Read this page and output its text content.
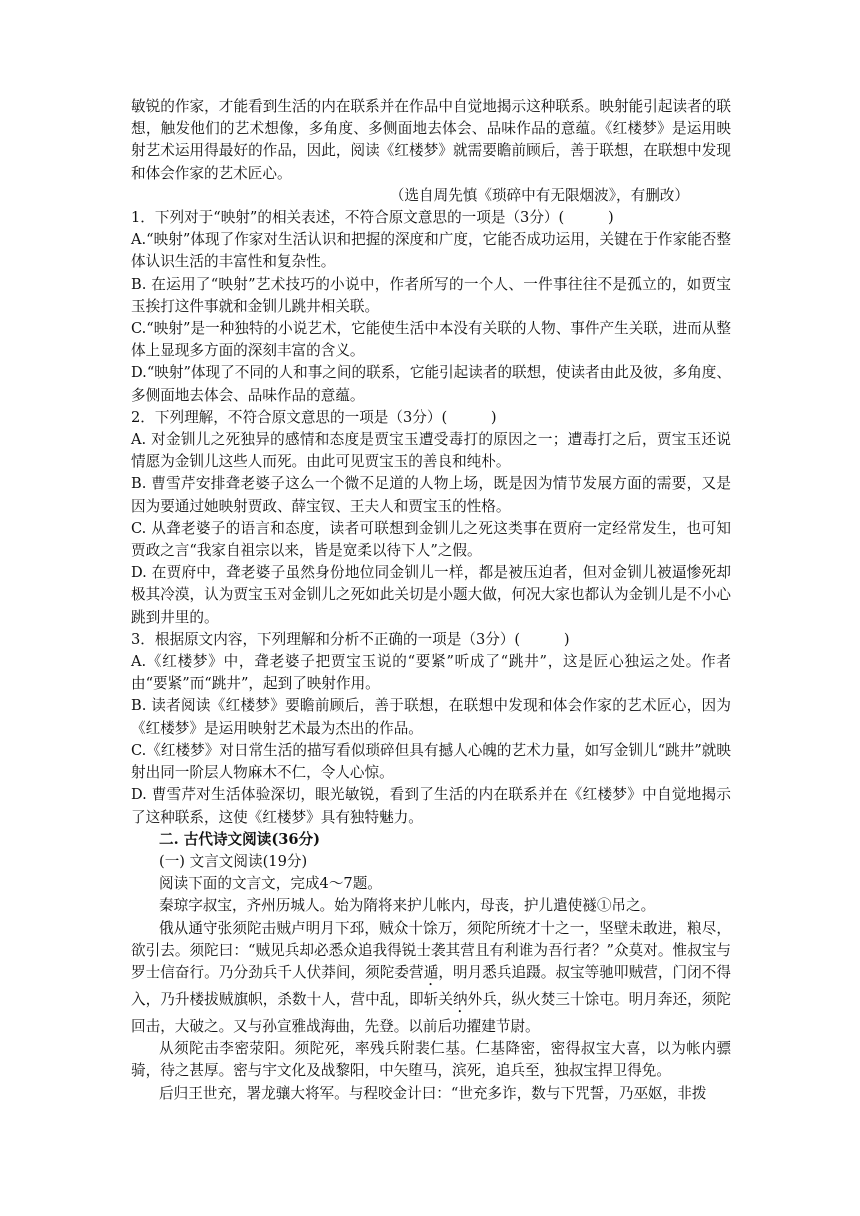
敏锐的作家，才能看到生活的内在联系并在作品中自觉地揭示这种联系。映射能引起读者的联想，触发他们的艺术想像，多角度、多侧面地去体会、品味作品的意蕴。《红楼梦》是运用映射艺术运用得最好的作品，因此，阅读《红楼梦》就需要瞻前顾后，善于联想，在联想中发现和体会作家的艺术匠心。

（选自周先慎《琐碎中有无限烟波》，有删改）

1．下列对于“映射”的相关表述，不符合原文意思的一项是（3分）(　　　)

A.“映射”体现了作家对生活认识和把握的深度和广度，它能否成功运用，关键在于作家能否整体认识生活的丰富性和复杂性。

B. 在运用了“映射”艺术技巧的小说中，作者所写的一个人、一件事往往不是孤立的，如贾宝玉挨打这件事就和金钏儿跳井相关联。

C.“映射”是一种独特的小说艺术，它能使生活中本没有关联的人物、事件产生关联，进而从整体上显现多方面的深刻丰富的含义。

D.“映射”体现了不同的人和事之间的联系，它能引起读者的联想，使读者由此及彼，多角度、多侧面地去体会、品味作品的意蕴。

2．下列理解，不符合原文意思的一项是（3分）(　　　)

A. 对金钏儿之死独异的感情和态度是贾宝玉遭受毒打的原因之一；遭毒打之后，贾宝玉还说情愿为金钏儿这些人而死。由此可见贾宝玉的善良和纯朴。

B. 曹雪芹安排聋老婆子这么一个微不足道的人物上场，既是因为情节发展方面的需要，又是因为要通过她映射贾政、薛宝钗、王夫人和贾宝玉的性格。

C. 从聋老婆子的语言和态度，读者可联想到金钏儿之死这类事在贾府一定经常发生，也可知贾政之言“我家自祖宗以来，皆是宽柔以待下人”之假。

D. 在贾府中，聋老婆子虽然身份地位同金钏儿一样，都是被压迫者，但对金钏儿被逼惨死却极其冷漠，认为贾宝玉对金钏儿之死如此关切是小题大做，何况大家也都认为金钏儿是不小心跳到井里的。

3．根据原文内容，下列理解和分析不正确的一项是（3分）(　　　)

A.《红楼梦》中，聋老婆子把贾宝玉说的“要紧”听成了“跳井”，这是匠心独运之处。作者由“要紧”而“跳井”，起到了映射作用。

B. 读者阅读《红楼梦》要瞻前顾后，善于联想，在联想中发现和体会作家的艺术匠心，因为《红楼梦》是运用映射艺术最为杰出的作品。

C.《红楼梦》对日常生活的描写看似琐碎但具有撼人心魄的艺术力量，如写金钏儿“跳井”就映射出同一阶层人物麻木不仁，令人心惊。

D. 曹雪芹对生活体验深切，眼光敏锐，看到了生活的内在联系并在《红楼梦》中自觉地揭示了这种联系，这使《红楼梦》具有独特魅力。

二. 古代诗文阅读(36分)

(一) 文言文阅读(19分)

阅读下面的文言文，完成4～7题。

秦琼字叔宝，齐州历城人。始为隋将来护儿帐内，母丧，护儿遣使襚①吊之。

俄从通守张须陀击贼卢明月下邳，贼众十馀万，须陀所统才十之一，坚壁未敢进，粮尽，欲引去。须陀曰：“贼见兵却必悉众追我得锐士袭其营且有利谁为吾行者？”众莫对。惟叔宝与罗士信奋行。乃分劲兵千人伏莽间，须陀委营遁，明月悉兵追蹑。叔宝等驰叩贼营，门闭不得入，乃升楼拔贼旗帜，杀数十人，营中乱，即斩关纳外兵，纵火焚三十馀屯。明月奔还，须陀回击，大破之。又与孙宣雅战海曲，先登。以前后功擢建节尉。

从须陀击李密荥阳。须陀死，率残兵附裴仁基。仁基降密，密得叔宝大喜，以为帐内骠骑，待之甚厚。密与宇文化及战黎阳，中矢堕马，滨死，追兵至，独叔宝捍卫得免。

后归王世充，署龙骧大将军。与程咬金计曰：“世充多诈，数与下咒誓，乃巫妪，非拨
